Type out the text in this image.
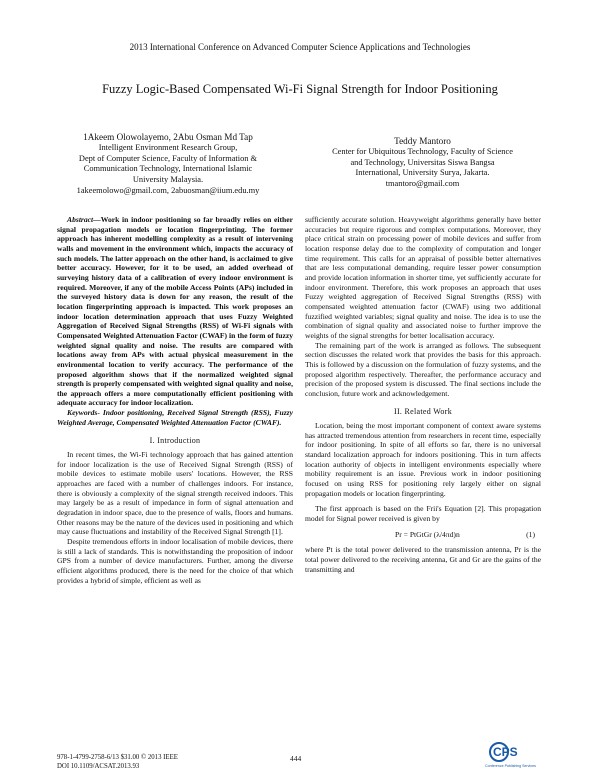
2013 International Conference on Advanced Computer Science Applications and Technologies
Fuzzy Logic-Based Compensated Wi-Fi Signal Strength for Indoor Positioning
1Akeem Olowolayemo, 2Abu Osman Md Tap
Intelligent Environment Research Group,
Dept of Computer Science, Faculty of Information &
Communication Technology, International Islamic
University Malaysia.
1akeemolowo@gmail.com, 2abuosman@iium.edu.my
Teddy Mantoro
Center for Ubiquitous Technology, Faculty of Science
and Technology, Universitas Siswa Bangsa
International, University Surya, Jakarta.
tmantoro@gmail.com

Abstract—Work in indoor positioning so far broadly relies on either signal propagation models or location fingerprinting. The former approach has inherent modelling complexity as a result of intervening walls and movement in the environment which, impacts the accuracy of such models. The latter approach on the other hand, is acclaimed to give better accuracy. However, for it to be used, an added overhead of surveying history data of a calibration of every indoor environment is required. Moreover, if any of the mobile Access Points (APs) included in the surveyed history data is down for any reason, the result of the location fingerprinting approach is impacted. This work proposes an indoor location determination approach that uses Fuzzy Weighted Aggregation of Received Signal Strengths (RSS) of Wi-Fi signals with Compensated Weighted Attenuation Factor (CWAF) in the form of fuzzy weighted signal quality and noise. The results are compared with locations away from APs with actual physical measurement in the environmental location to verify accuracy. The performance of the proposed algorithm shows that if the normalized weighted signal strength is properly compensated with weighted signal quality and noise, the approach offers a more computationally efficient positioning with adequate accuracy for indoor localization.

Keywords- Indoor positioning, Received Signal Strength (RSS), Fuzzy Weighted Average, Compensated Weighted Attenuation Factor (CWAF).

I. Introduction

In recent times, the Wi-Fi technology approach that has gained attention for indoor localization is the use of Received Signal Strength (RSS) of mobile devices to estimate mobile users' locations. However, the RSS approaches are faced with a number of challenges indoors. For instance, there is obviously a complexity of the signal strength received indoors. This may largely be as a result of impedance in form of signal attenuation and degradation in indoor space, due to the presence of walls, floors and humans. Other reasons may be the nature of the devices used in positioning and which may cause fluctuations and instability of the Received Signal Strength [1].

Despite tremendous efforts in indoor localisation of mobile devices, there is still a lack of standards. This is notwithstanding the proposition of indoor GPS from a number of device manufacturers. Further, among the diverse efficient algorithms produced, there is the need for the choice of that which provides a hybrid of simple, efficient as well as

sufficiently accurate solution. Heavyweight algorithms generally have better accuracies but require rigorous and complex computations. Moreover, they place critical strain on processing power of mobile devices and suffer from location response delay due to the complexity of computation and longer time requirement. This calls for an appraisal of possible better alternatives that are less computational demanding, require lesser power consumption and provide location information in shorter time, yet sufficiently accurate for indoor environment. Therefore, this work proposes an approach that uses Fuzzy weighted aggregation of Received Signal Strengths (RSS) with compensated weighted attenuation factor (CWAF) using two additional fuzzified weighted variables; signal quality and noise. The idea is to use the combination of signal quality and associated noise to further improve the weights of the signal strengths for better localisation accuracy.

The remaining part of the work is arranged as follows. The subsequent section discusses the related work that provides the basis for this approach. This is followed by a discussion on the formulation of fuzzy systems, and the proposed algorithm respectively. Thereafter, the performance accuracy and precision of the proposed system is discussed. The final sections include the conclusion, future work and acknowledgement.

II. Related Work

Location, being the most important component of context aware systems has attracted tremendous attention from researchers in recent time, especially for indoor positioning. In spite of all efforts so far, there is no universal standard localization approach for indoors positioning. This in turn affects location authority of objects in intelligent environments especially where mobility requirement is an issue. Previous work in indoor positioning focused on using RSS for positioning rely largely either on signal propagation models or location fingerprinting.

The first approach is based on the Frii's Equation [2]. This propagation model for Signal power received is given by

Pr = PtGtGr (λ/4πd)n	(1)

where Pt is the total power delivered to the transmission antenna, Pr is the total power delivered to the receiving antenna, Gt and Gr are the gains of the transmitting and

978-1-4799-2758-6/13 $31.00 © 2013 IEEE
DOI 10.1109/ACSAT.2013.93
444	CPS
Conference Publishing Services
